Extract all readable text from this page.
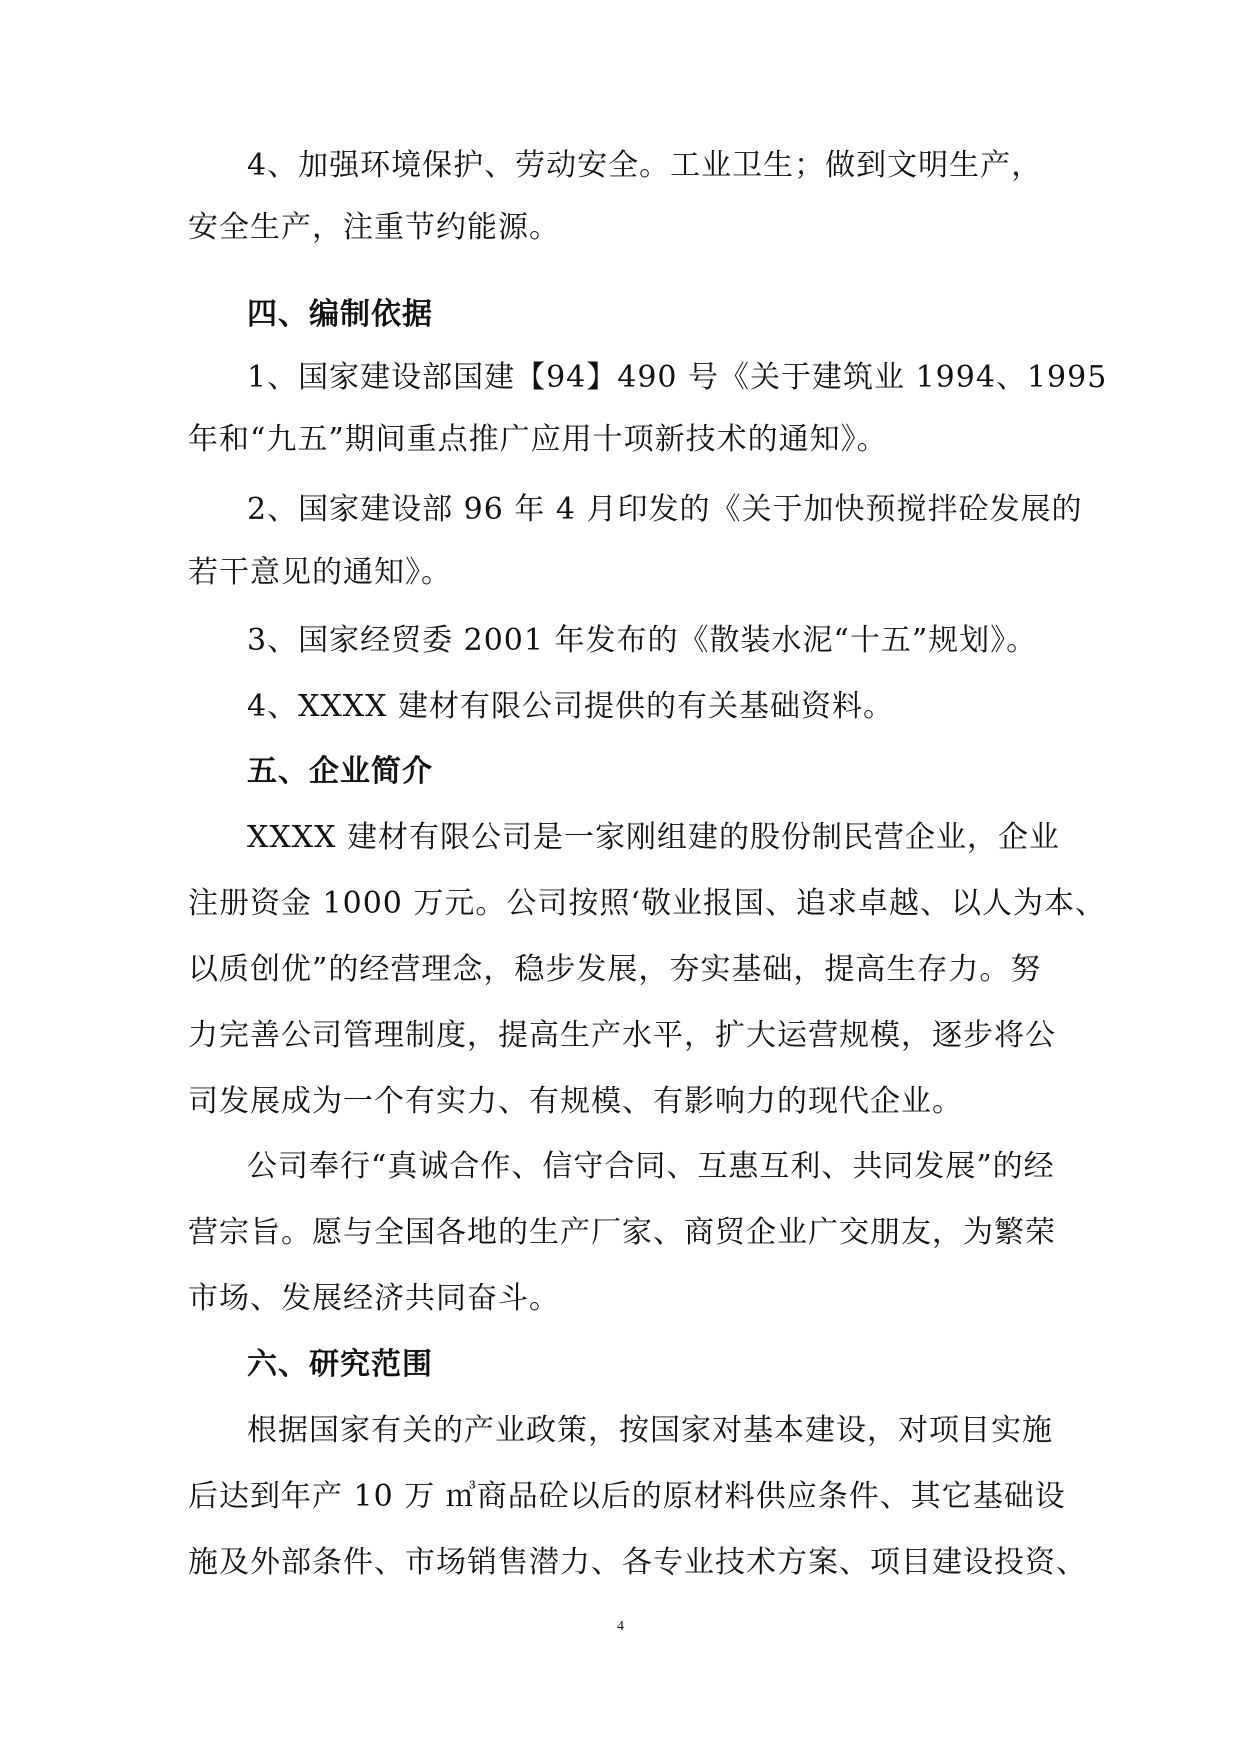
4、加强环境保护、劳动安全。工业卫生；做到文明生产，
安全生产，注重节约能源。
四、编制依据
1、国家建设部国建【94】490 号《关于建筑业 1994、1995
年和“九五”期间重点推广应用十项新技术的通知》。
2、国家建设部 96 年 4 月印发的《关于加快预搅拌砼发展的
若干意见的通知》。
3、国家经贸委 2001 年发布的《散装水泥“十五”规划》。
4、XXXX 建材有限公司提供的有关基础资料。
五、企业简介
XXXX 建材有限公司是一家刚组建的股份制民营企业，企业
注册资金 1000 万元。公司按照‘敬业报国、追求卓越、以人为本、
以质创优”的经营理念，稳步发展，夯实基础，提高生存力。努
力完善公司管理制度，提高生产水平，扩大运营规模，逐步将公
司发展成为一个有实力、有规模、有影响力的现代企业。
公司奉行“真诚合作、信守合同、互惠互利、共同发展”的经
营宗旨。愿与全国各地的生产厂家、商贸企业广交朋友，为繁荣
市场、发展经济共同奋斗。
六、研究范围
根据国家有关的产业政策，按国家对基本建设，对项目实施
后达到年产 10 万 ㎥商品砼以后的原材料供应条件、其它基础设
施及外部条件、市场销售潜力、各专业技术方案、项目建设投资、
4
